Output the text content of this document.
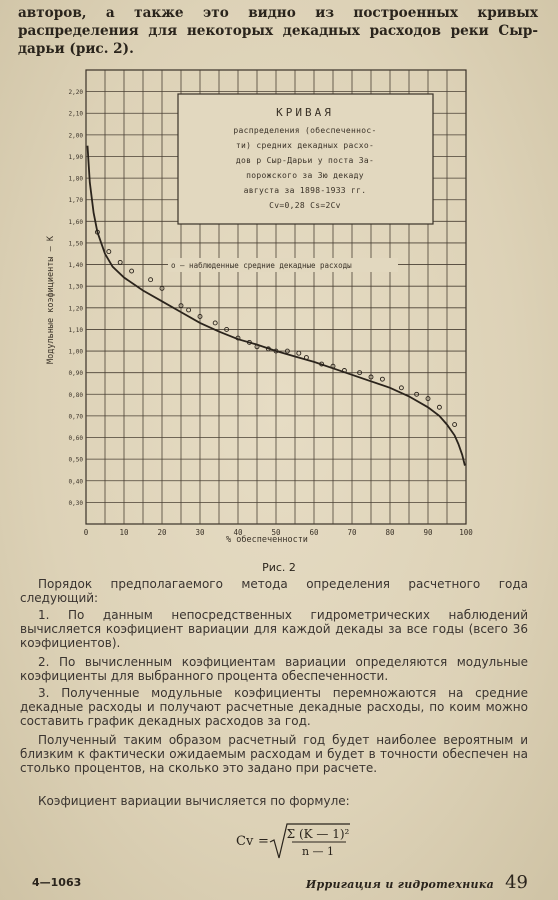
авторов, а также это видно из построенных кривых распределения для некоторых декадных расходов реки Сыр-дарьи (рис. 2).
0,30
0,40
0,50
0,60
0,70
0,80
0,90
1,00
1,10
1,20
1,30
1,40
1,50
1,60
1,70
1,80
1,90
2,00
2,10
2,20
0	10	20	30	40	50	60	70	80	90	100
Модульные коэфициенты — К
% обеспеченности
КРИВАЯ
распределения (обеспеченнос-
ти) средних декадных расхо-
дов р Сыр-Дарьи у поста За-
порожского за 3ю декаду
августа за 1898-1933 гг.
Cv=0,28 Cs=2Cv
о — наблюденные средние декадные расходы
Рис. 2

Порядок предполагаемого метода определения расчетного года следующий:

1. По данным непосредственных гидрометрических наблюдений вычисляется коэфициент вариации для каждой декады за все годы (всего 36 коэфициентов).

2. По вычисленным коэфициентам вариации определяются модульные коэфициенты для выбранного процента обеспеченности.

3. Полученные модульные коэфициенты перемножаются на средние декадные расходы и получают расчетные декадные расходы, по коим можно составить график декадных расходов за год.

Полученный таким образом расчетный год будет наиболее вероятным и близким к фактически ожидаемым расходам и будет в точности обеспечен на столько процентов, на сколько это задано при расчете.

Коэфициент вариации вычисляется по формуле:

Cv = Σ (K — 1)²
n — 1
4—1063	Ирригация и гидротехника 49
